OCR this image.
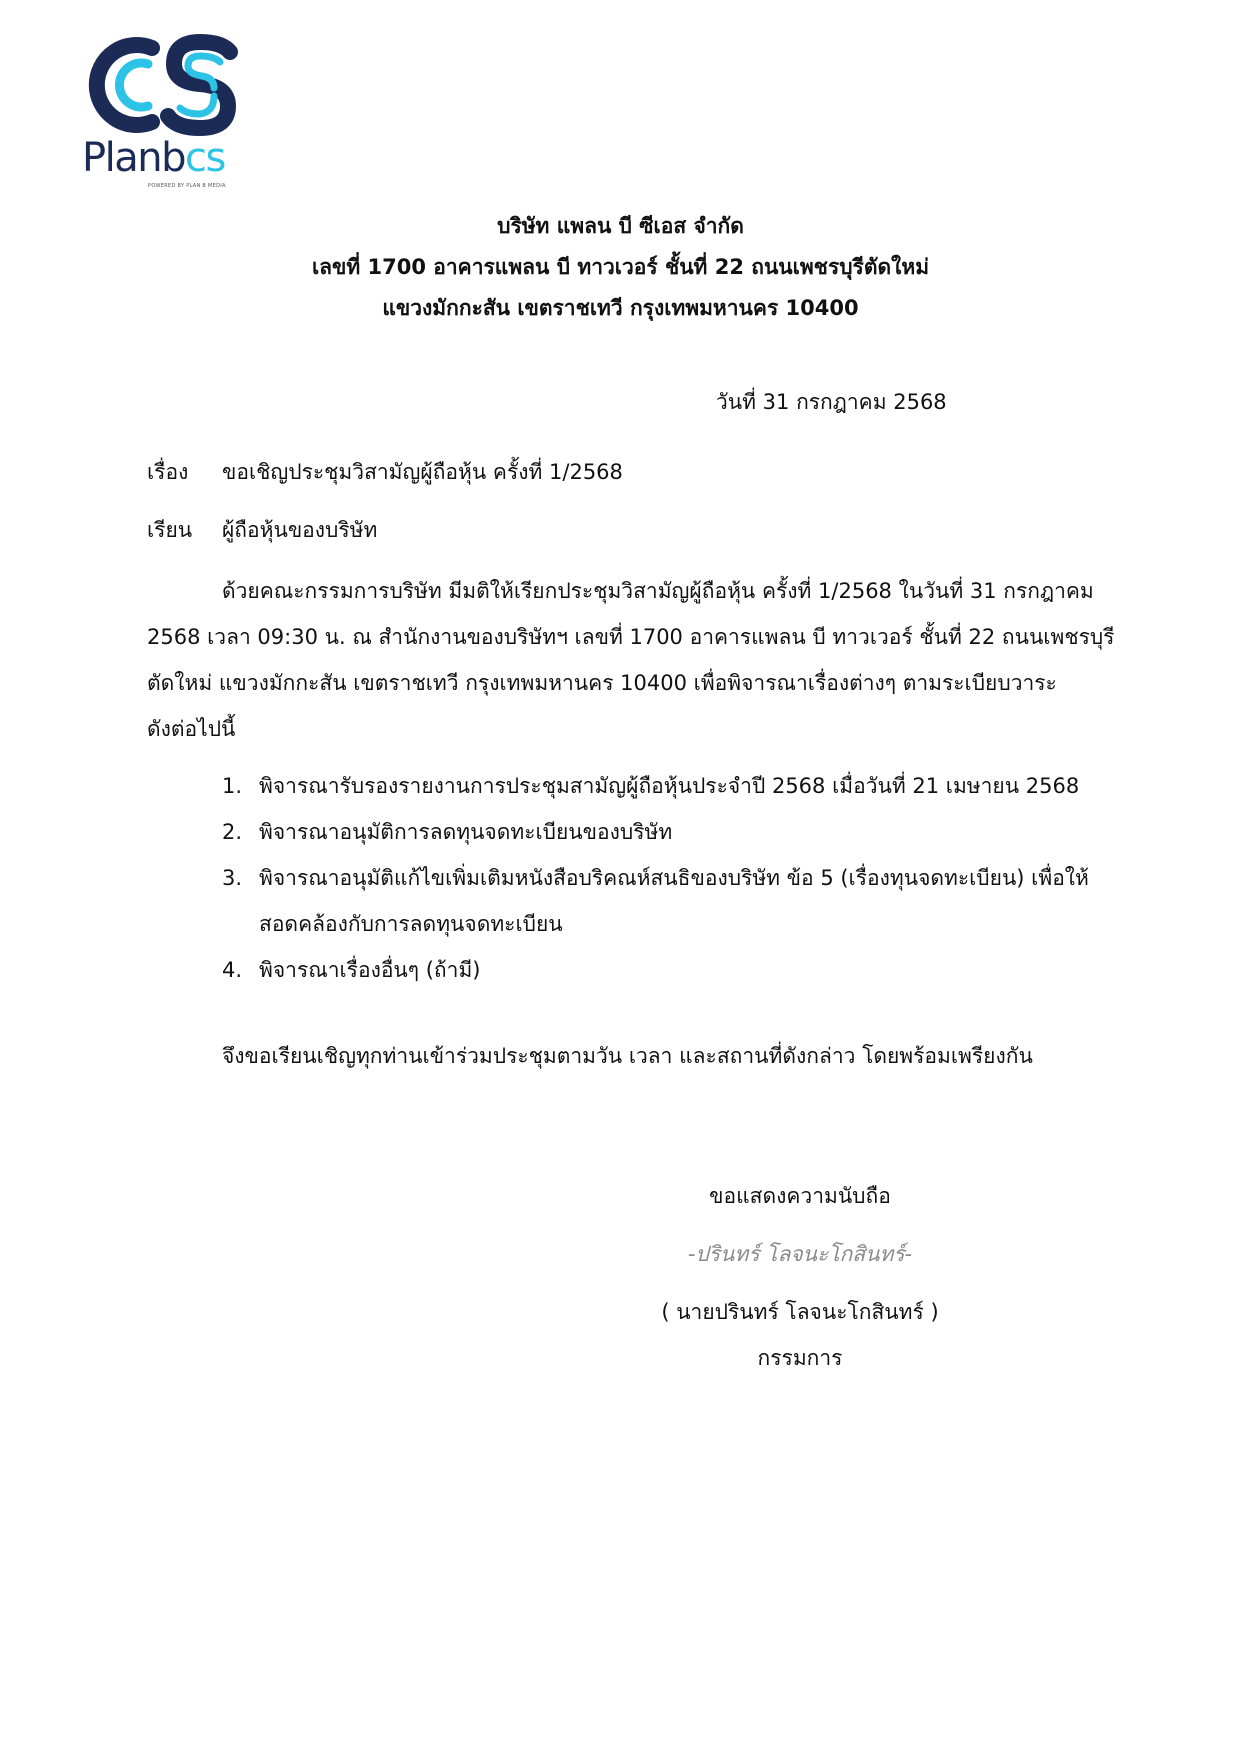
Planbcs
POWERED BY PLAN B MEDIA
บริษัท แพลน บี ซีเอส จำกัด
เลขที่ 1700 อาคารแพลน บี ทาวเวอร์ ชั้นที่ 22 ถนนเพชรบุรีตัดใหม่
แขวงมักกะสัน เขตราชเทวี กรุงเทพมหานคร 10400
วันที่ 31 กรกฎาคม 2568
เรื่อง ขอเชิญประชุมวิสามัญผู้ถือหุ้น ครั้งที่ 1/2568
เรียน ผู้ถือหุ้นของบริษัท
ด้วยคณะกรรมการบริษัท มีมติให้เรียกประชุมวิสามัญผู้ถือหุ้น ครั้งที่ 1/2568 ในวันที่ 31 กรกฎาคม
2568 เวลา 09:30 น. ณ สำนักงานของบริษัทฯ เลขที่ 1700 อาคารแพลน บี ทาวเวอร์ ชั้นที่ 22 ถนนเพชรบุรี
ตัดใหม่ แขวงมักกะสัน เขตราชเทวี กรุงเทพมหานคร 10400 เพื่อพิจารณาเรื่องต่างๆ ตามระเบียบวาระ
ดังต่อไปนี้
1. พิจารณารับรองรายงานการประชุมสามัญผู้ถือหุ้นประจำปี 2568 เมื่อวันที่ 21 เมษายน 2568
2. พิจารณาอนุมัติการลดทุนจดทะเบียนของบริษัท
3. พิจารณาอนุมัติแก้ไขเพิ่มเติมหนังสือบริคณห์สนธิของบริษัท ข้อ 5 (เรื่องทุนจดทะเบียน) เพื่อให้
สอดคล้องกับการลดทุนจดทะเบียน
4. พิจารณาเรื่องอื่นๆ (ถ้ามี)
จึงขอเรียนเชิญทุกท่านเข้าร่วมประชุมตามวัน เวลา และสถานที่ดังกล่าว โดยพร้อมเพรียงกัน
ขอแสดงความนับถือ
-ปรินทร์ โลจนะโกสินทร์-
( นายปรินทร์ โลจนะโกสินทร์ )
กรรมการ
